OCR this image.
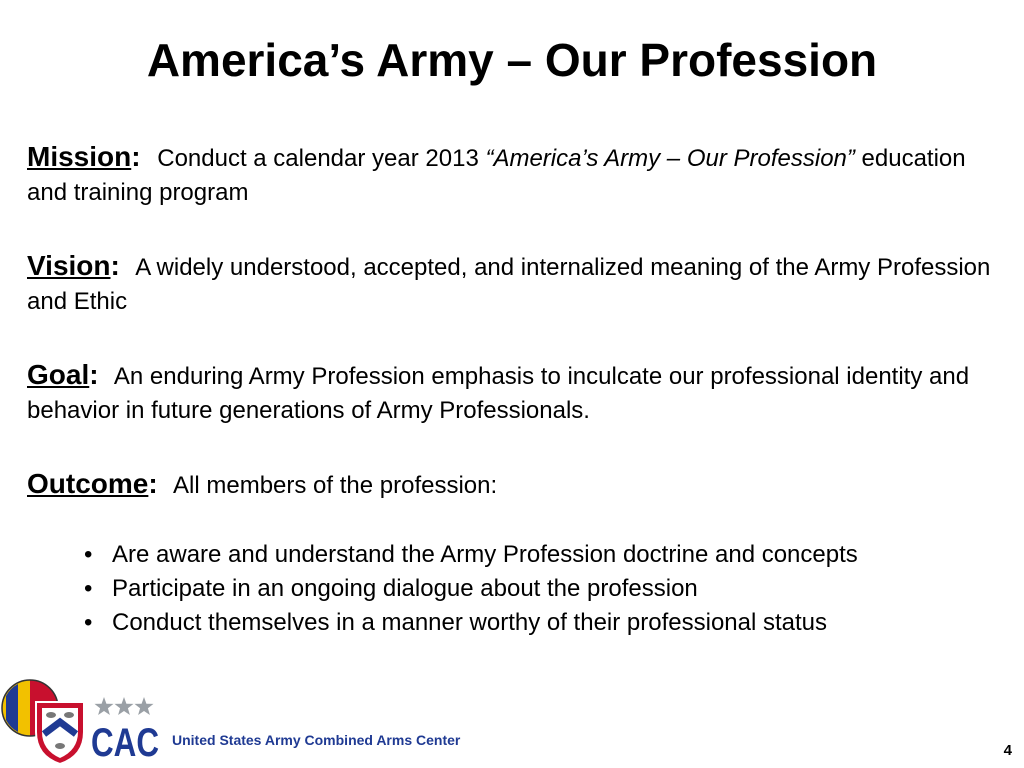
America’s Army – Our Profession
Mission: Conduct a calendar year 2013 “America’s Army – Our Profession” education and training program
Vision: A widely understood, accepted, and internalized meaning of the Army Profession and Ethic
Goal: An enduring Army Profession emphasis to inculcate our professional identity and behavior in future generations of Army Professionals.
Outcome: All members of the profession:
• Are aware and understand the Army Profession doctrine and concepts
• Participate in an ongoing dialogue about the profession
• Conduct themselves in a manner worthy of their professional status
CAC United States Army Combined Arms Center
4
